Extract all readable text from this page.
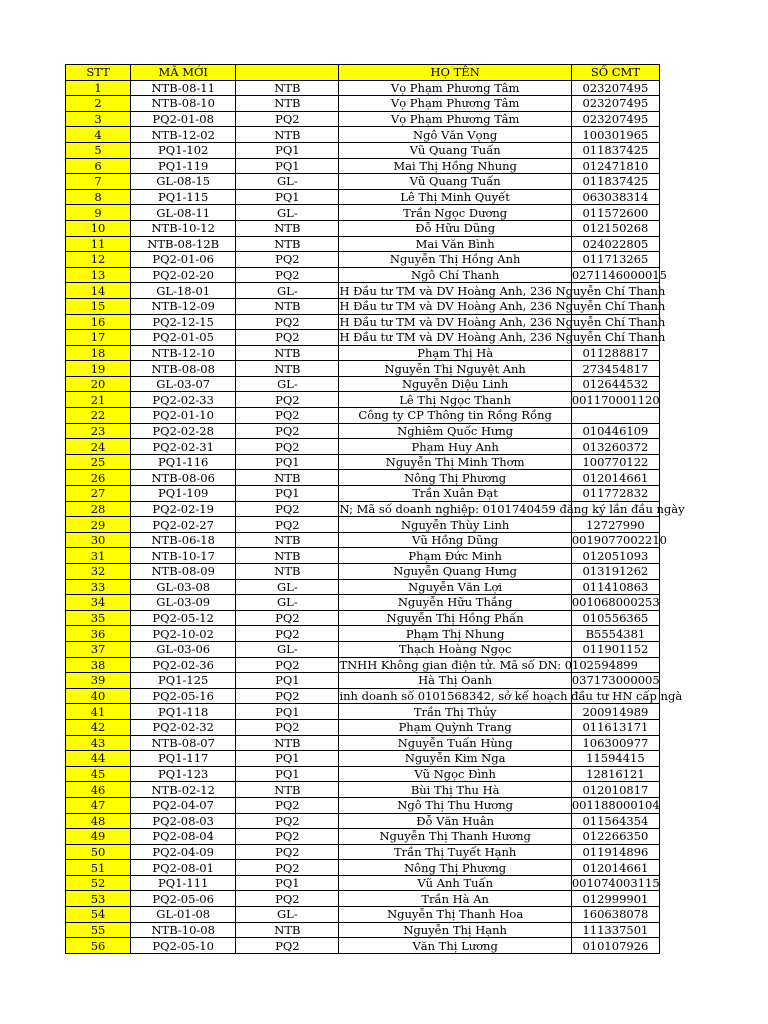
STT	MÃ MỚI		HỌ TÊN	SỐ CMT
1	NTB-08-11	NTB	Vọ Phạm Phương Tâm	023207495
2	NTB-08-10	NTB	Vọ Phạm Phương Tâm	023207495
3	PQ2-01-08	PQ2	Vọ Phạm Phương Tâm	023207495
4	NTB-12-02	NTB	Ngô Văn Vọng	100301965
5	PQ1-102	PQ1	Vũ Quang Tuấn	011837425
6	PQ1-119	PQ1	Mai Thị Hồng Nhung	012471810
7	GL-08-15	GL-	Vũ Quang Tuấn	011837425
8	PQ1-115	PQ1	Lê Thị Minh Quyết	063038314
9	GL-08-11	GL-	Trần Ngọc Dương	011572600
10	NTB-10-12	NTB	Đỗ Hữu Dũng	012150268
11	NTB-08-12B	NTB	Mai Văn Bình	024022805
12	PQ2-01-06	PQ2	Nguyễn Thị Hồng Anh	011713265
13	PQ2-02-20	PQ2	Ngô Chí Thanh	0271146000015
14	GL-18-01	GL-	H Đầu tư TM và DV Hoàng Anh, 236 Nguyễn Chí Thanh	
15	NTB-12-09	NTB	H Đầu tư TM và DV Hoàng Anh, 236 Nguyễn Chí Thanh	
16	PQ2-12-15	PQ2	H Đầu tư TM và DV Hoàng Anh, 236 Nguyễn Chí Thanh	
17	PQ2-01-05	PQ2	H Đầu tư TM và DV Hoàng Anh, 236 Nguyễn Chí Thanh	
18	NTB-12-10	NTB	Phạm Thị Hà	011288817
19	NTB-08-08	NTB	Nguyễn Thị Nguyệt Anh	273454817
20	GL-03-07	GL-	Nguyễn Diệu Linh	012644532
21	PQ2-02-33	PQ2	Lê Thị Ngọc Thanh	001170001120
22	PQ2-01-10	PQ2	Công ty CP Thông tin Rồng Rồng	
23	PQ2-02-28	PQ2	Nghiêm Quốc Hưng	010446109
24	PQ2-02-31	PQ2	Phạm Huy Anh	013260372
25	PQ1-116	PQ1	Nguyễn Thị Minh Thơm	100770122
26	NTB-08-06	NTB	Nông Thị Phương	012014661
27	PQ1-109	PQ1	Trần Xuân Đạt	011772832
28	PQ2-02-19	PQ2	N; Mã số doanh nghiệp: 0101740459 đăng ký lần đầu ngày	
29	PQ2-02-27	PQ2	Nguyễn Thùy Linh	12727990
30	NTB-06-18	NTB	Vũ Hồng Dũng	0019077002210
31	NTB-10-17	NTB	Phạm Đức Minh	012051093
32	NTB-08-09	NTB	Nguyễn Quang Hưng	013191262
33	GL-03-08	GL-	Nguyễn Văn Lợi	011410863
34	GL-03-09	GL-	Nguyễn Hữu Thắng	001068000253
35	PQ2-05-12	PQ2	Nguyễn Thị Hồng Phấn	010556365
36	PQ2-10-02	PQ2	Phạm Thị Nhung	B5554381
37	GL-03-06	GL-	Thạch Hoàng Ngọc	011901152
38	PQ2-02-36	PQ2	TNHH Không gian điện tử. Mã số DN: 0102594899	
39	PQ1-125	PQ1	Hà Thị Oanh	037173000005
40	PQ2-05-16	PQ2	inh doanh số 0101568342, sở kế hoạch đầu tư HN cấp ngà	
41	PQ1-118	PQ1	Trần Thị Thủy	200914989
42	PQ2-02-32	PQ2	Phạm Quỳnh Trang	011613171
43	NTB-08-07	NTB	Nguyễn Tuấn Hùng	106300977
44	PQ1-117	PQ1	Nguyễn Kim Nga	11594415
45	PQ1-123	PQ1	Vũ Ngọc Đình	12816121
46	NTB-02-12	NTB	Bùi Thị Thu Hà	012010817
47	PQ2-04-07	PQ2	Ngô Thị Thu Hương	001188000104
48	PQ2-08-03	PQ2	Đỗ Văn Huân	011564354
49	PQ2-08-04	PQ2	Nguyễn Thị Thanh Hương	012266350
50	PQ2-04-09	PQ2	Trần Thị Tuyết Hạnh	011914896
51	PQ2-08-01	PQ2	Nông Thị Phương	012014661
52	PQ1-111	PQ1	Vũ Anh Tuấn	001074003115
53	PQ2-05-06	PQ2	Trần Hà An	012999901
54	GL-01-08	GL-	Nguyễn Thị Thanh Hoa	160638078
55	NTB-10-08	NTB	Nguyễn Thị Hạnh	111337501
56	PQ2-05-10	PQ2	Văn Thị Lương	010107926
